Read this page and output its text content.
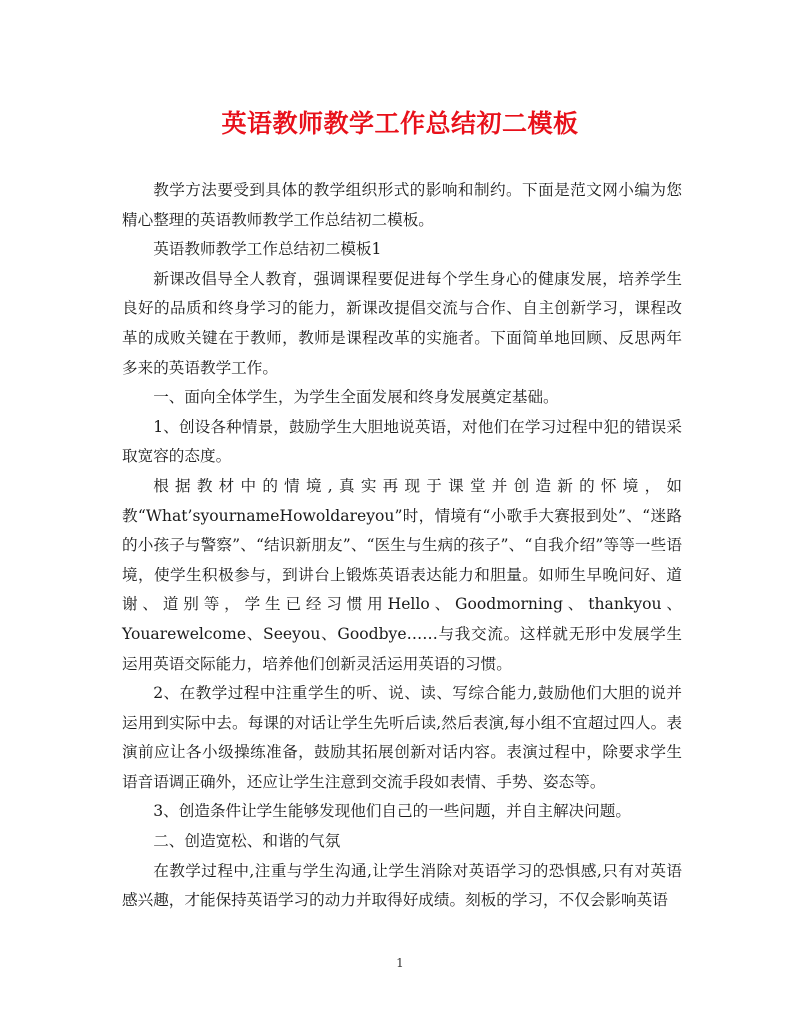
英语教师教学工作总结初二模板

教学方法要受到具体的教学组织形式的影响和制约。下面是范文网小编为您精心整理的英语教师教学工作总结初二模板。

英语教师教学工作总结初二模板1

新课改倡导全人教育，强调课程要促进每个学生身心的健康发展，培养学生良好的品质和终身学习的能力，新课改提倡交流与合作、自主创新学习，课程改革的成败关键在于教师，教师是课程改革的实施者。下面简单地回顾、反思两年多来的英语教学工作。

一、面向全体学生，为学生全面发展和终身发展奠定基础。

1、创设各种情景，鼓励学生大胆地说英语，对他们在学习过程中犯的错误采取宽容的态度。

根据教材中的情境,真实再现于课堂并创造新的怀境，如教“What’syournameHowoldareyou”时，情境有“小歌手大赛报到处”、“迷路的小孩子与警察”、“结识新朋友”、“医生与生病的孩子”、“自我介绍”等等一些语境，使学生积极参与，到讲台上锻炼英语表达能力和胆量。如师生早晚问好、道谢、道别等，学生已经习惯用Hello、Goodmorning、thankyou、Youarewelcome、Seeyou、Goodbye……与我交流。这样就无形中发展学生运用英语交际能力，培养他们创新灵活运用英语的习惯。

2、在教学过程中注重学生的听、说、读、写综合能力,鼓励他们大胆的说并运用到实际中去。每课的对话让学生先听后读,然后表演,每小组不宜超过四人。表演前应让各小级操练准备，鼓励其拓展创新对话内容。表演过程中，除要求学生语音语调正确外，还应让学生注意到交流手段如表情、手势、姿态等。

3、创造条件让学生能够发现他们自己的一些问题，并自主解决问题。

二、创造宽松、和谐的气氛

在教学过程中,注重与学生沟通,让学生消除对英语学习的恐惧感,只有对英语感兴趣，才能保持英语学习的动力并取得好成绩。刻板的学习，不仅会影响英语

1
